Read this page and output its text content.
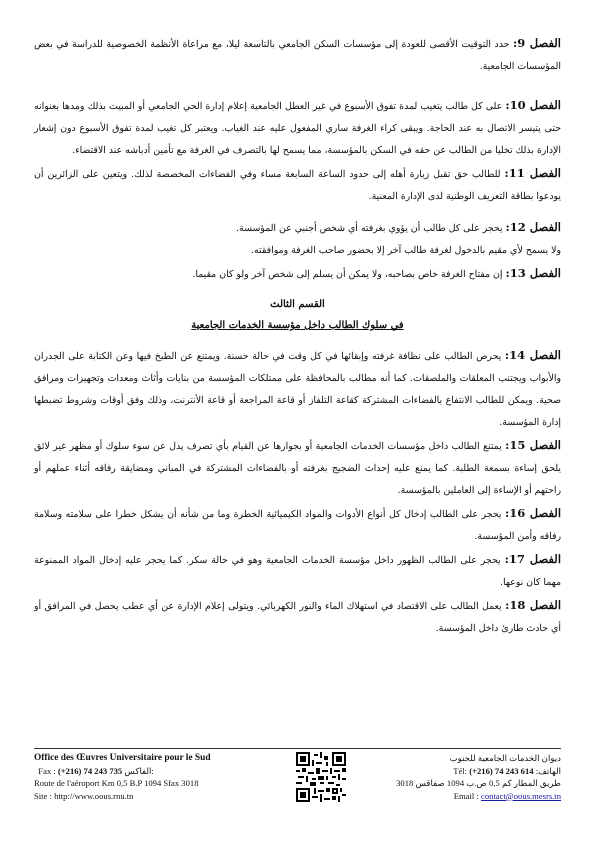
الفصل 9: حدد التوقيت الأقصى للعودة إلى مؤسسات السكن الجامعي بالتاسعة ليلا، مع مراعاة الأنظمة الخصوصية للدراسة في بعض المؤسسات الجامعية.

الفصل 10: على كل طالب يتغيب لمدة تفوق الأسبوع في غير العطل الجامعية إعلام إدارة الحي الجامعي أو المبيت بذلك ومدها بعنوانه حتى يتيسر الاتصال به عند الحاجة. ويبقى كراء الغرفة ساري المفعول عليه عند الغياب. ويعتبر كل تغيب لمدة تفوق الأسبوع دون إشعار الإدارة بذلك تخليا من الطالب عن حقه في السكن بالمؤسسة، مما يسمح لها بالتصرف في الغرفة مع تأمين أدباشه عند الاقتضاء.

الفصل 11: للطالب حق تقبل زيارة أهله إلى حدود الساعة السابعة مساء وفي الفضاءات المخصصة لذلك. ويتعين على الزائرين أن يودعوا بطاقة التعريف الوطنية لدى الإدارة المعنية.

الفصل 12: يحجر على كل طالب أن يؤوي بغرفته أي شخص أجنبي عن المؤسسة.

ولا يسمح لأي مقيم بالدخول لغرفة طالب آخر إلا بحضور صاحب الغرفة وموافقته.

الفصل 13: إن مفتاح الغرفة خاص بصاحبه، ولا يمكن أن يسلم إلى شخص آخر ولو كان مقيما.

القسم الثالث

في سلوك الطالب داخل مؤسسة الخدمات الجامعية

الفصل 14: يحرص الطالب على نظافة غرفته وإبقائها في كل وقت في حالة حسنة. ويمتنع عن الطبخ فيها وعن الكتابة على الجدران والأبواب ويجتنب المعلقات والملصقات. كما أنه مطالب بالمحافظة على ممتلكات المؤسسة من بنايات وأثاث ومعدات وتجهيزات ومرافق صحية. ويمكن للطالب الانتفاع بالفضاءات المشتركة كقاعة التلفاز أو قاعة المراجعة أو قاعة الأنترنت، وذلك وفق أوقات وشروط تضبطها إدارة المؤسسة.

الفصل 15: يمتنع الطالب داخل مؤسسات الخدمات الجامعية أو بجوارها عن القيام بأي تصرف يدل عن سوء سلوك أو مظهر غير لائق يلحق إساءة بسمعة الطلبة. كما يمنع عليه إحداث الضجيج بغرفته أو بالفضاءات المشتركة في المباني ومضايقة رفاقه أثناء عملهم أو راحتهم أو الإساءة إلى العاملين بالمؤسسة.

الفصل 16: يحجر على الطالب إدخال كل أنواع الأدوات والمواد الكيميائية الخطرة وما من شأنه أن يشكل خطرا على سلامته وسلامة رفاقه وأمن المؤسسة.

الفصل 17: يحجر على الطالب الظهور داخل مؤسسة الخدمات الجامعية وهو في حالة سكر. كما يحجر عليه إدخال المواد الممنوعة مهما كان نوعها.

الفصل 18: يعمل الطالب على الاقتصاد في استهلاك الماء والنور الكهربائي. ويتولى إعلام الإدارة عن أي عطب يحصل في المرافق أو أي حادث طارئ داخل المؤسسة.

Office des Œuvres Universitaire pour le Sud
Fax : (+216) 74 243 735 الفاكس:
Route de l'aéroport Km 0,5 B.P 1094 Sfax 3018
Site : http://www.oous.rnu.tn
ديوان الخدمات الجامعية للجنوب
الهاتف: Tél: (+216) 74 243 614
طريق المطار كم 0,5 ص.ب 1094 صفاقس 3018
Email : contact@oous.mesrs.tn
